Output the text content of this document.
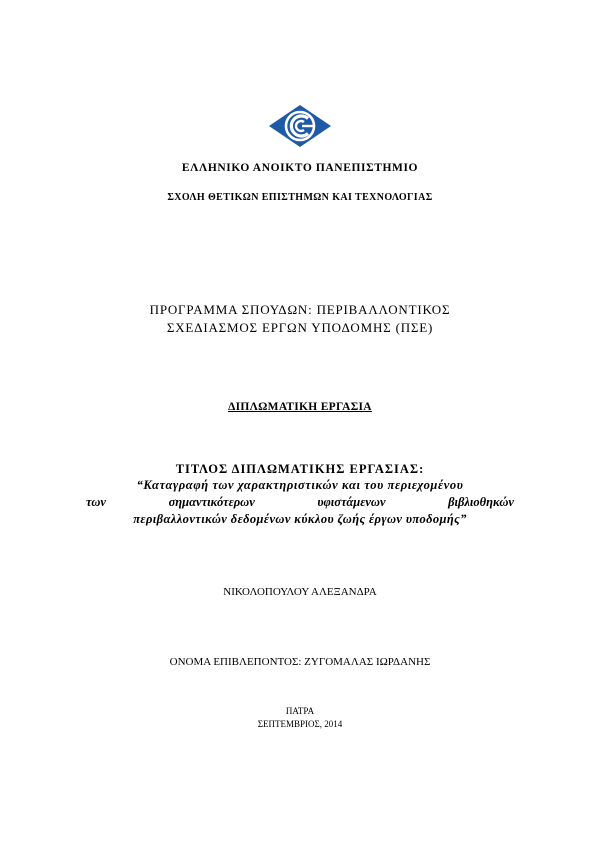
ΕΛΛΗΝΙΚΟ ΑΝΟΙΚΤΟ ΠΑΝΕΠΙΣΤΗΜΙΟ
ΣΧΟΛΗ ΘΕΤΙΚΩΝ ΕΠΙΣΤΗΜΩΝ ΚΑΙ ΤΕΧΝΟΛΟΓΙΑΣ
ΠΡΟΓΡΑΜΜΑ ΣΠΟΥΔΩΝ: ΠΕΡΙΒΑΛΛΟΝΤΙΚΟΣ
ΣΧΕΔΙΑΣΜΟΣ ΕΡΓΩΝ ΥΠΟΔΟΜΗΣ (ΠΣΕ)
ΔΙΠΛΩΜΑΤΙΚΗ ΕΡΓΑΣΙΑ
ΤΙΤΛΟΣ ΔΙΠΛΩΜΑΤΙΚΗΣ ΕΡΓΑΣΙΑΣ:
“Καταγραφή των χαρακτηριστικών και του περιεχομένου
των	σημαντικότερων	υφιστάμενων	βιβλιοθηκών
περιβαλλοντικών δεδομένων κύκλου ζωής έργων υποδομής”
ΝΙΚΟΛΟΠΟΥΛΟΥ ΑΛΕΞΑΝΔΡΑ
ΟΝΟΜΑ ΕΠΙΒΛΕΠΟΝΤΟΣ: ΖΥΓΟΜΑΛΑΣ ΙΩΡΔΑΝΗΣ
ΠΑΤΡΑ
ΣΕΠΤΕΜΒΡΙΟΣ, 2014
